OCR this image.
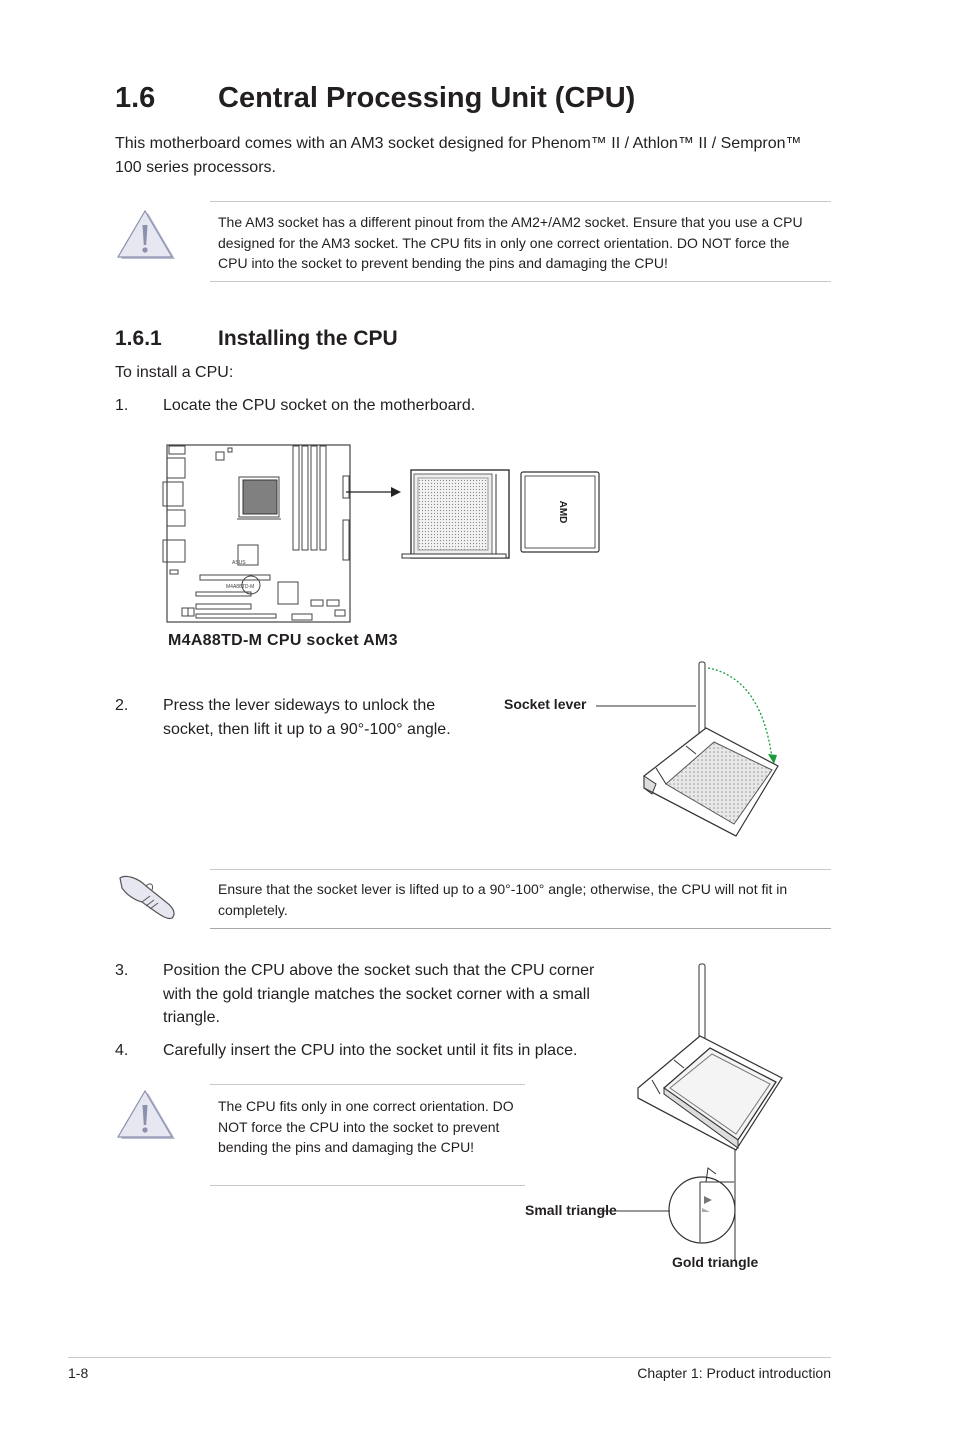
1.6 Central Processing Unit (CPU)
This motherboard comes with an AM3 socket designed for Phenom™ II / Athlon™ II / Sempron™ 100 series processors.
The AM3 socket has a different pinout from the AM2+/AM2 socket. Ensure that you use a CPU designed for the AM3 socket. The CPU fits in only one correct orientation. DO NOT force the CPU into the socket to prevent bending the pins and damaging the CPU!
1.6.1	Installing the CPU
To install a CPU:
1. Locate the CPU socket on the motherboard.
ASUS
M4A88TD-M
AMD
M4A88TD-M CPU socket AM3
2. Press the lever sideways to unlock the socket, then lift it up to a 90°-100° angle.
Socket lever
Ensure that the socket lever is lifted up to a 90°-100° angle; otherwise, the CPU will not fit in completely.
3. Position the CPU above the socket such that the CPU corner with the gold triangle matches the socket corner with a small triangle.
4. Carefully insert the CPU into the socket until it fits in place.
The CPU fits only in one correct orientation. DO NOT force the CPU into the socket to prevent bending the pins and damaging the CPU!
Small triangle
Gold triangle
1-8	Chapter 1: Product introduction
